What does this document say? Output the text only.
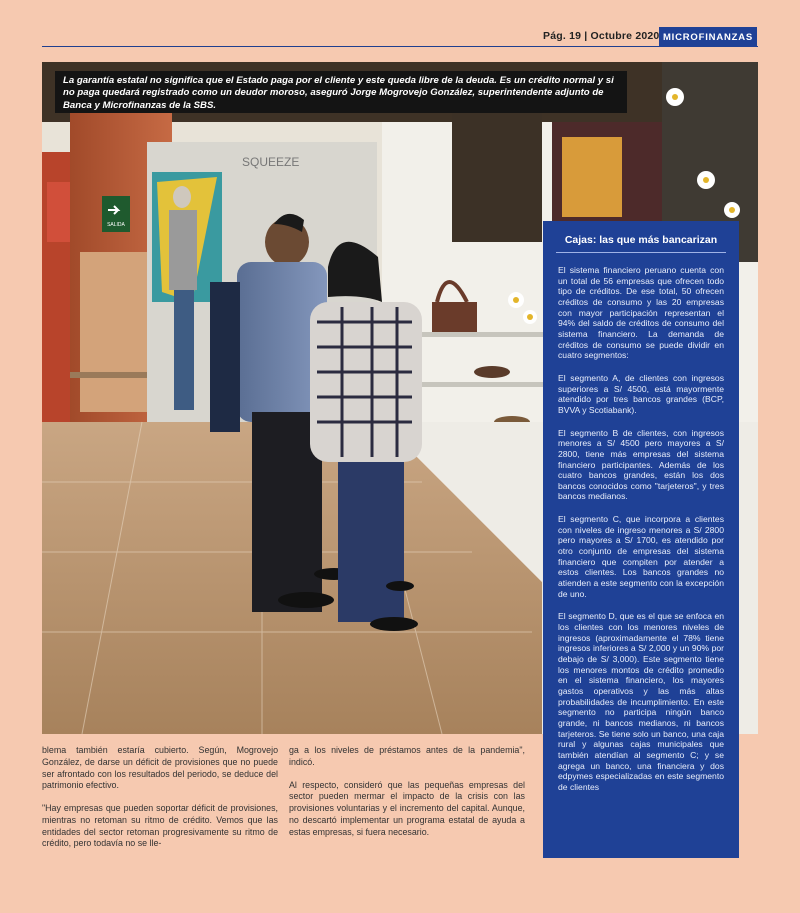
Pág. 19 | Octubre 2020 MICROFINANZAS
SALIDA
SQUEEZE
La garantía estatal no significa que el Estado paga por el cliente y este queda libre de la deuda. Es un crédito normal y si no paga quedará registrado como un deudor moroso, aseguró Jorge Mogrovejo González, superintendente adjunto de Banca y Microfinanzas de la SBS.
Cajas: las que más bancarizan

El sistema financiero peruano cuenta con un total de 56 empresas que ofrecen todo tipo de créditos. De ese total, 50 ofrecen créditos de consumo y las 20 empresas con mayor participación representan el 94% del saldo de créditos de consumo del sistema financiero. La demanda de créditos de consumo se puede dividir en cuatro segmentos:

El segmento A, de clientes con ingresos superiores a S/ 4500, está mayormente atendido por tres bancos grandes (BCP, BVVA y Scotiabank).

El segmento B de clientes, con ingresos menores a S/ 4500 pero mayores a S/ 2800, tiene más empresas del sistema financiero participantes. Además de los cuatro bancos grandes, están los dos bancos conocidos como "tarjeteros", y tres bancos medianos.

El segmento C, que incorpora a clientes con niveles de ingreso menores a S/ 2800 pero mayores a S/ 1700, es atendido por otro conjunto de empresas del sistema financiero que compiten por atender a estos clientes. Los bancos grandes no atienden a este segmento con la excepción de uno.

El segmento D, que es el que se enfoca en los clientes con los menores niveles de ingresos (aproximadamente el 78% tiene ingresos inferiores a S/ 2,000 y un 90% por debajo de S/ 3,000). Este segmento tiene los menores montos de crédito promedio en el sistema financiero, los mayores gastos operativos y las más altas probabilidades de incumplimiento. En este segmento no participa ningún banco grande, ni bancos medianos, ni bancos tarjeteros. Se tiene solo un banco, una caja rural y algunas cajas municipales que también atendían al segmento C; y se agrega un banco, una financiera y dos edpymes especializadas en este segmento de clientes

blema también estaría cubierto. Según, Mogrovejo González, de darse un déficit de provisiones que no puede ser afrontado con los resultados del periodo, se deduce del patrimonio efectivo.

"Hay empresas que pueden soportar déficit de provisiones, mientras no retoman su ritmo de crédito. Vemos que las entidades del sector retoman progresivamente su ritmo de crédito, pero todavía no se lle-

ga a los niveles de préstamos antes de la pandemia", indicó.

Al respecto, consideró que las pequeñas empresas del sector pueden mermar el impacto de la crisis con las provisiones voluntarias y el incremento del capital. Aunque, no descartó implementar un programa estatal de ayuda a estas empresas, si fuera necesario.
